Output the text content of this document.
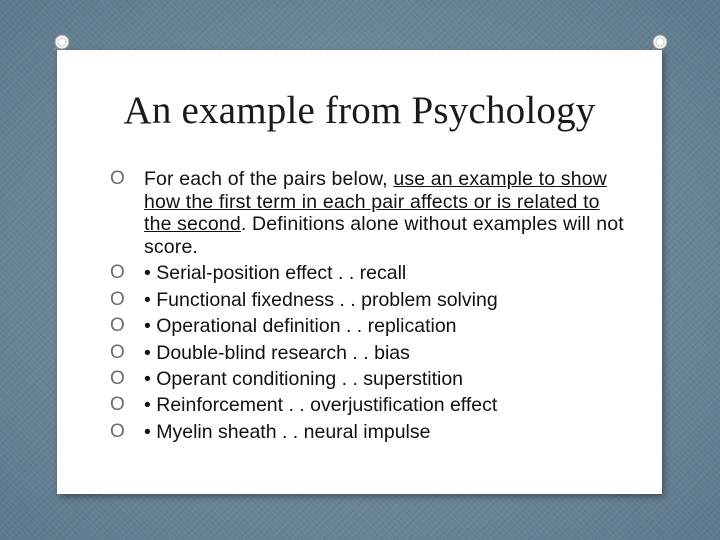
An example from Psychology
O For each of the pairs below, use an example to show how the first term in each pair affects or is related to the second. Definitions alone without examples will not score.
O • Serial-position effect . . recall
O • Functional fixedness . . problem solving
O • Operational definition . . replication
O • Double-blind research . . bias
O • Operant conditioning . . superstition
O • Reinforcement . . overjustification effect
O • Myelin sheath . . neural impulse
